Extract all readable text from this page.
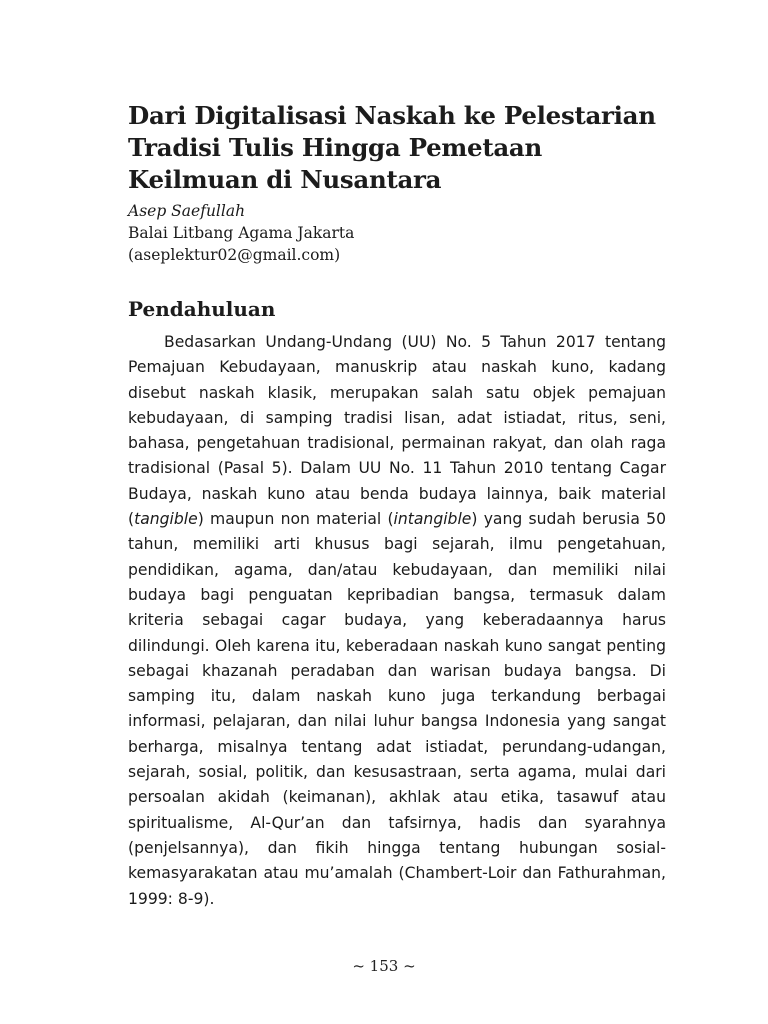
Dari Digitalisasi Naskah ke Pelestarian Tradisi Tulis Hingga Pemetaan Keilmuan di Nusantara
Asep Saefullah
Balai Litbang Agama Jakarta
(aseplektur02@gmail.com)
Pendahuluan

Bedasarkan Undang-Undang (UU) No. 5 Tahun 2017 tentang Pemajuan Kebudayaan, manuskrip atau naskah kuno, kadang disebut naskah klasik, merupakan salah satu objek pemajuan kebudayaan, di samping tradisi lisan, adat istiadat, ritus, seni, bahasa, pengetahuan tradisional, permainan rakyat, dan olah raga tradisional (Pasal 5). Dalam UU No. 11 Tahun 2010 tentang Cagar Budaya, naskah kuno atau benda budaya lainnya, baik material (tangible) maupun non material (intangible) yang sudah berusia 50 tahun, memiliki arti khusus bagi sejarah, ilmu pengetahuan, pendidikan, agama, dan/atau kebudayaan, dan memiliki nilai budaya bagi penguatan kepribadian bangsa, termasuk dalam kriteria sebagai cagar budaya, yang keberadaannya harus dilindungi. Oleh karena itu, keberadaan naskah kuno sangat penting sebagai khazanah peradaban dan warisan budaya bangsa. Di samping itu, dalam naskah kuno juga terkandung berbagai informasi, pelajaran, dan nilai luhur bangsa Indonesia yang sangat berharga, misalnya tentang adat istiadat, perundang-udangan, sejarah, sosial, politik, dan kesusastraan, serta agama, mulai dari persoalan akidah (keimanan), akhlak atau etika, tasawuf atau spiritualisme, Al-Qur’an dan tafsirnya, hadis dan syarahnya (penjelsannya), dan fikih hingga tentang hubungan sosial-kemasyarakatan atau mu’amalah (Chambert-Loir dan Fathurahman, 1999: 8-9).

~ 153 ~
